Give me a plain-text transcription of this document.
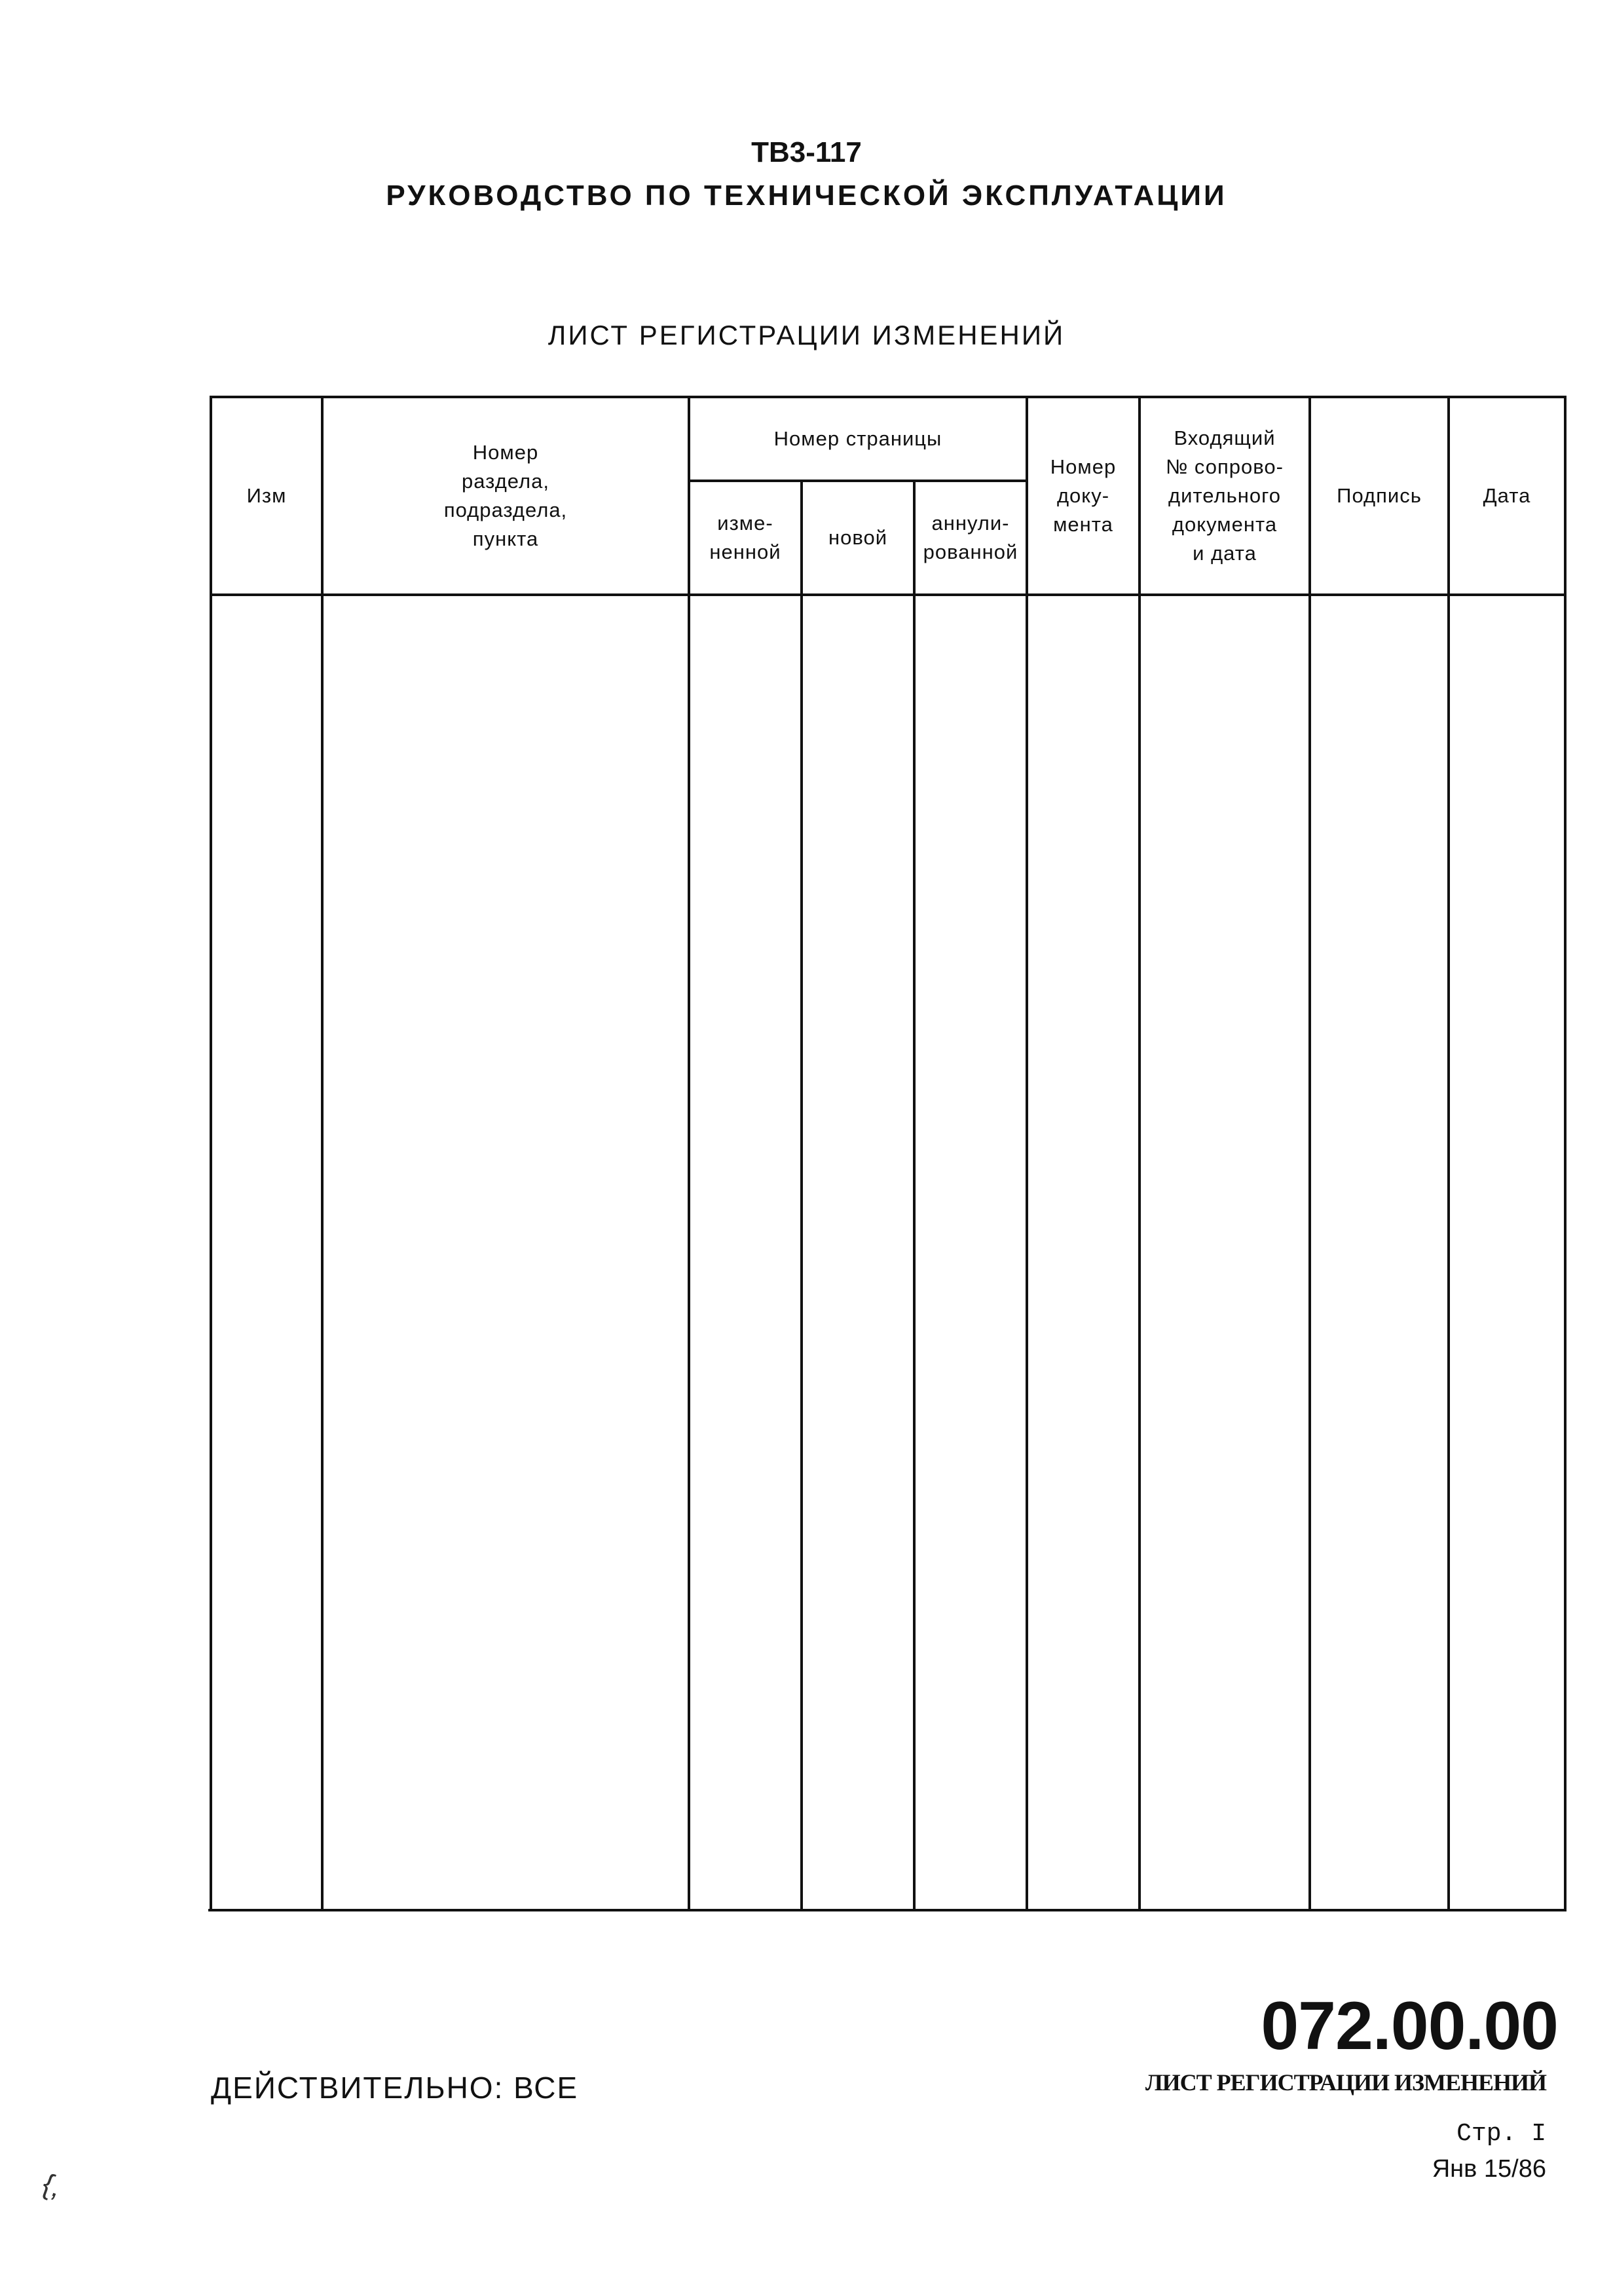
ТВ3-117
РУКОВОДСТВО ПО ТЕХНИЧЕСКОЙ ЭКСПЛУАТАЦИИ
ЛИСТ РЕГИСТРАЦИИ ИЗМЕНЕНИЙ
Изм
Номер
раздела,
подраздела,
пункта
Номер страницы
изме-
ненной
новой
аннули-
рованной
Номер
доку-
мента
Входящий
№ сопрово-
дительного
документа
и дата
Подпись	Дата
ДЕЙСТВИТЕЛЬНО: ВСЕ
072.00.00
ЛИСТ РЕГИСТРАЦИИ ИЗМЕНЕНИЙ
Стр. I
Янв 15/86
{,
